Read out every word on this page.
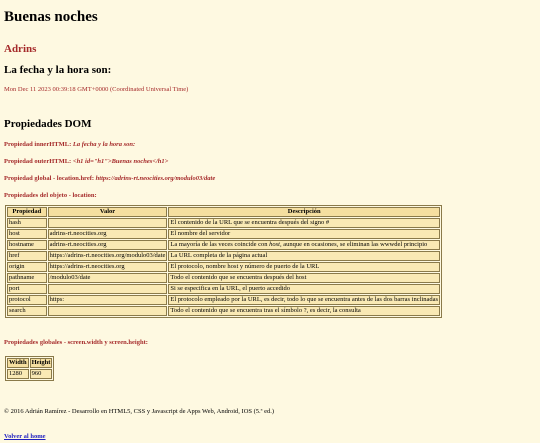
Buenas noches
Adrins
La fecha y la hora son:
Mon Dec 11 2023 00:39:18 GMT+0000 (Coordinated Universal Time)
Propiedades DOM
Propiedad innerHTML: La fecha y la hora son:
Propiedad outerHTML: <h1 id="h1">Buenas noches</h1>
Propiedad global - location.href: https://adrins-rt.neocities.org/modulo03/date
Propiedades del objeto - location:
Propiedad	Valor	Descripción
hash		El contenido de la URL que se encuentra después del signo #
host	adrins-rt.neocities.org	El nombre del servidor
hostname	adrins-rt.neocities.org	La mayoría de las veces coincide con host, aunque en ocasiones, se eliminan las wwwdel principio
href	https://adrins-rt.neocities.org/modulo03/date	La URL completa de la página actual
origin	https://adrins-rt.neocities.org	El protocolo, nombre host y número de puerto de la URL
pathname	/modulo03/date	Todo el contenido que se encuentra después del host
port		Si se especifica en la URL, el puerto accedido
protocol	https:	El protocolo empleado por la URL, es decir, todo lo que se encuentra antes de las dos barras inclinadas
search		Todo el contenido que se encuentra tras el símbolo ?, es decir, la consulta
Propiedades globales - screen.width y screen.height:
Width	Height
1280	960
© 2016 Adrián Ramírez - Desarrollo en HTML5, CSS y Javascript de Apps Web, Android, IOS (5.ª ed.)
Volver al home
